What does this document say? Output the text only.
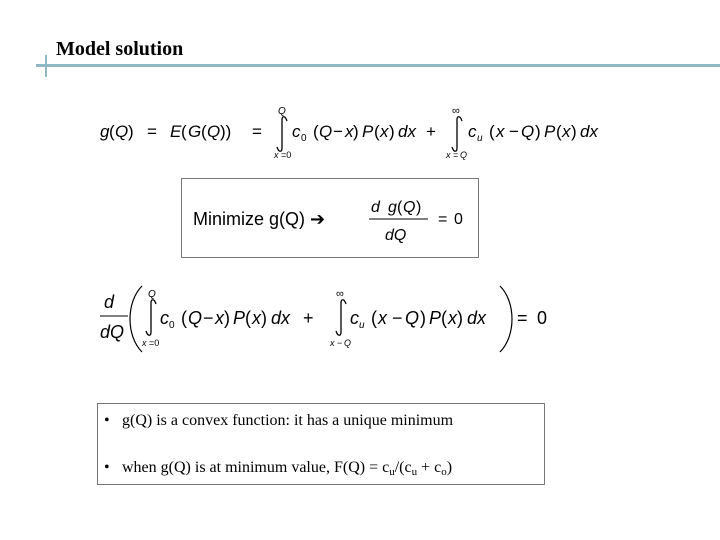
Model solution
g ( Q ) = E ( G ( Q )) =
Q
x =0
c 0 ( Q − x ) P ( x ) dx +
∞
x = Q
c u ( x − Q ) P ( x ) dx
Minimize g(Q) ➔
d g ( Q )
dQ
= 0
d
dQ
Q
x =0
c 0 ( Q − x ) P ( x ) dx +
∞
x − Q
c u ( x − Q ) P ( x ) dx = 0
• g(Q) is a convex function: it has a unique minimum
• when g(Q) is at minimum value, $F(Q) = c_u/(c_u + c_o)$
